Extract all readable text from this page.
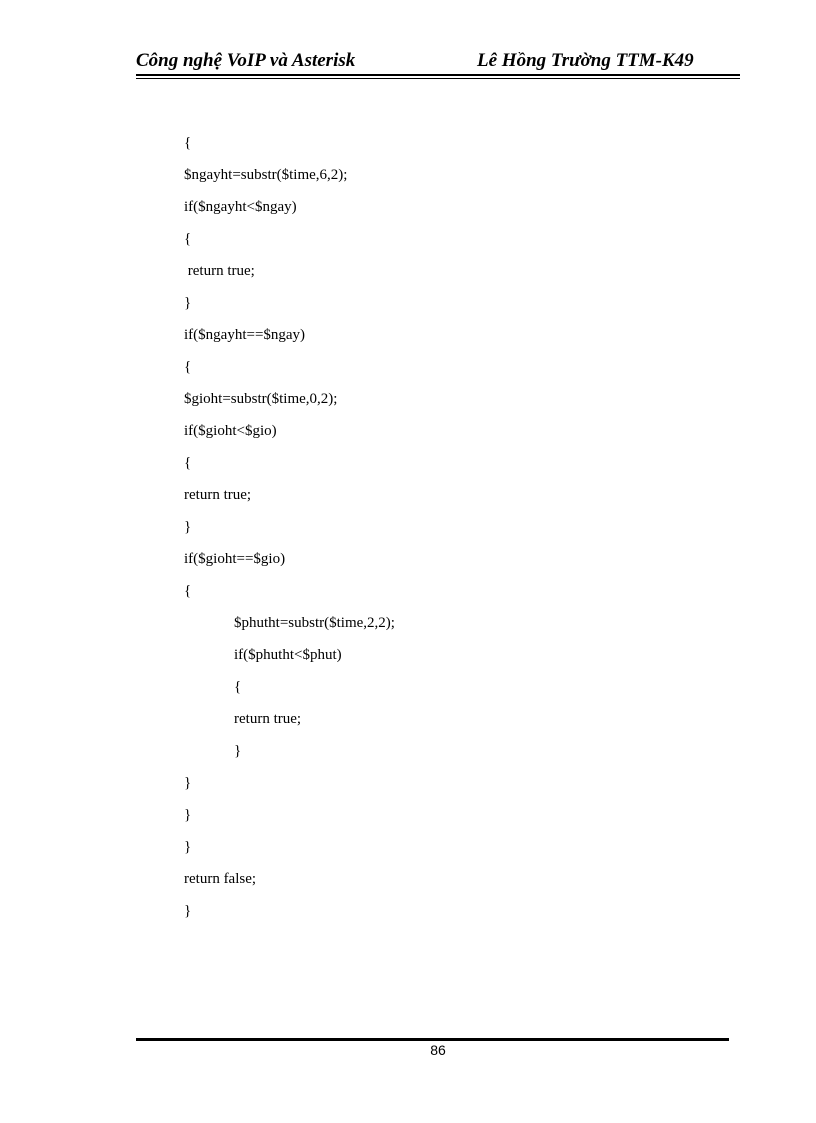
Công nghệ VoIP và Asterisk	Lê Hồng Trường TTM-K49
{
$ngayht=substr($time,6,2);
if($ngayht<$ngay)
{
return true;
}
if($ngayht==$ngay)
{
$gioht=substr($time,0,2);
if($gioht<$gio)
{
return true;
}
if($gioht==$gio)
{
$phutht=substr($time,2,2);
if($phutht<$phut)
{
return true;
}
}
}
}
return false;
}
86
